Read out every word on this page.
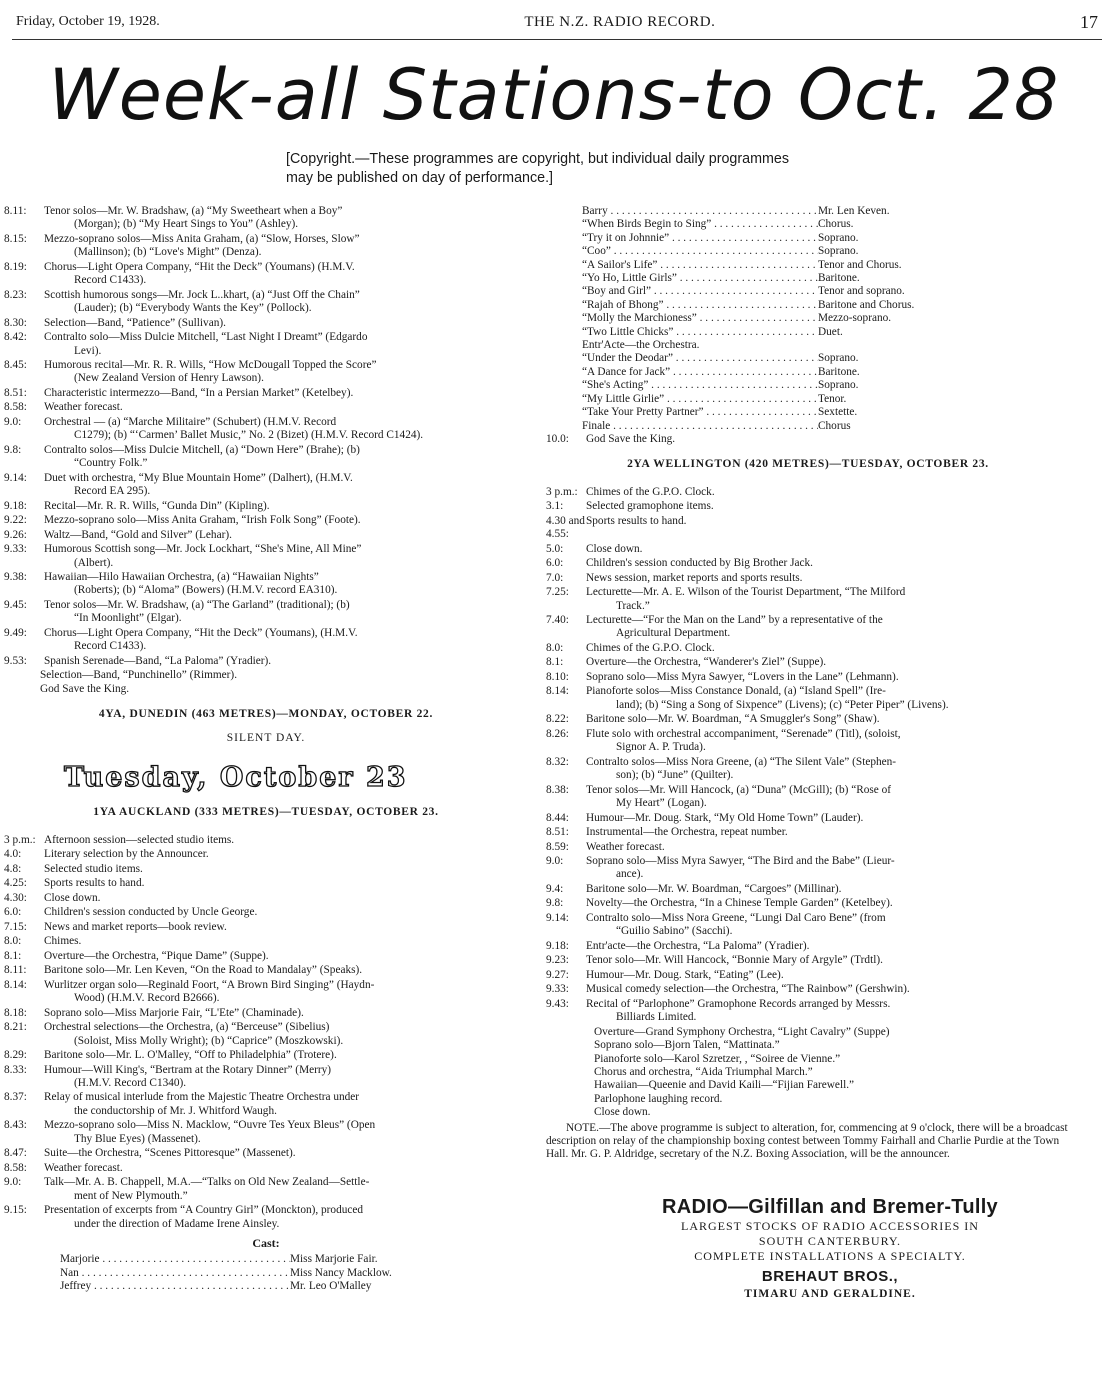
Friday, October 19, 1928.	THE N.Z. RADIO RECORD.	17
Week-all Stations-to Oct. 28
[Copyright.—These programmes are copyright, but individual daily programmes may be published on day of performance.]
8.11:	Tenor solos—Mr. W. Bradshaw, (a) “My Sweetheart when a Boy”
(Morgan); (b) “My Heart Sings to You” (Ashley).
8.15:	Mezzo-soprano solos—Miss Anita Graham, (a) “Slow, Horses, Slow”
(Mallinson); (b) “Love's Might” (Denza).
8.19:	Chorus—Light Opera Company, “Hit the Deck” (Youmans) (H.M.V.
Record C1433).
8.23:	Scottish humorous songs—Mr. Jock L..khart, (a) “Just Off the Chain”
(Lauder); (b) “Everybody Wants the Key” (Pollock).
8.30:	Selection—Band, “Patience” (Sullivan).
8.42:	Contralto solo—Miss Dulcie Mitchell, “Last Night I Dreamt” (Edgardo
Levi).
8.45:	Humorous recital—Mr. R. R. Wills, “How McDougall Topped the Score”
(New Zealand Version of Henry Lawson).
8.51:	Characteristic intermezzo—Band, “In a Persian Market” (Ketelbey).
8.58:	Weather forecast.
9.0:	Orchestral — (a) “Marche Militaire” (Schubert) (H.M.V. Record
C1279); (b) “‘Carmen’ Ballet Music,” No. 2 (Bizet) (H.M.V. Record C1424).
9.8:	Contralto solos—Miss Dulcie Mitchell, (a) “Down Here” (Brahe); (b)
“Country Folk.”
9.14:	Duet with orchestra, “My Blue Mountain Home” (Dalhert), (H.M.V.
Record EA 295).
9.18:	Recital—Mr. R. R. Wills, “Gunda Din” (Kipling).
9.22:	Mezzo-soprano solo—Miss Anita Graham, “Irish Folk Song” (Foote).
9.26:	Waltz—Band, “Gold and Silver” (Lehar).
9.33:	Humorous Scottish song—Mr. Jock Lockhart, “She's Mine, All Mine”
(Albert).
9.38:	Hawaiian—Hilo Hawaiian Orchestra, (a) “Hawaiian Nights”
(Roberts); (b) “Aloma” (Bowers) (H.M.V. record EA310).
9.45:	Tenor solos—Mr. W. Bradshaw, (a) “The Garland” (traditional); (b)
“In Moonlight” (Elgar).
9.49:	Chorus—Light Opera Company, “Hit the Deck” (Youmans), (H.M.V.
Record C1433).
9.53:	Spanish Serenade—Band, “La Paloma” (Yradier).
Selection—Band, “Punchinello” (Rimmer).
God Save the King.
4YA, DUNEDIN (463 METRES)—MONDAY, OCTOBER 22.
SILENT DAY.
Tuesday, October 23
1YA AUCKLAND (333 METRES)—TUESDAY, OCTOBER 23.
3 p.m.: Afternoon session—selected studio items.
4.0:	Literary selection by the Announcer.
4.8:	Selected studio items.
4.25:	Sports results to hand.
4.30:	Close down.
6.0:	Children's session conducted by Uncle George.
7.15:	News and market reports—book review.
8.0:	Chimes.
8.1:	Overture—the Orchestra, “Pique Dame” (Suppe).
8.11:	Baritone solo—Mr. Len Keven, “On the Road to Mandalay” (Speaks).
8.14:	Wurlitzer organ solo—Reginald Foort, “A Brown Bird Singing” (Haydn-
Wood) (H.M.V. Record B2666).
8.18:	Soprano solo—Miss Marjorie Fair, “L'Ete” (Chaminade).
8.21:	Orchestral selections—the Orchestra, (a) “Berceuse” (Sibelius)
(Soloist, Miss Molly Wright); (b) “Caprice” (Moszkowski).
8.29:	Baritone solo—Mr. L. O'Malley, “Off to Philadelphia” (Trotere).
8.33:	Humour—Will King's, “Bertram at the Rotary Dinner” (Merry)
(H.M.V. Record C1340).
8.37:	Relay of musical interlude from the Majestic Theatre Orchestra under
the conductorship of Mr. J. Whitford Waugh.
8.43:	Mezzo-soprano solo—Miss N. Macklow, “Ouvre Tes Yeux Bleus” (Open
Thy Blue Eyes) (Massenet).
8.47:	Suite—the Orchestra, “Scenes Pittoresque” (Massenet).
8.58:	Weather forecast.
9.0:	Talk—Mr. A. B. Chappell, M.A.—“Talks on Old New Zealand—Settle-
ment of New Plymouth.”
9.15:	Presentation of excerpts from “A Country Girl” (Monckton), produced
under the direction of Madame Irene Ainsley.
Cast:
Marjorie . . .	Miss Marjorie Fair.
Nan . . .	Miss Nancy Macklow.
Jeffrey . . .	Mr. Leo O'Malley
Barry . . .	Mr. Len Keven.
“When Birds Begin to Sing” . . .	Chorus.
“Try it on Johnnie” . . .	Soprano.
“Coo” . . .	Soprano.
“A Sailor's Life” . . .	Tenor and Chorus.
“Yo Ho, Little Girls” . . .	Baritone.
“Boy and Girl” . . .	Tenor and soprano.
“Rajah of Bhong” . . .	Baritone and Chorus.
“Molly the Marchioness” . . .	Mezzo-soprano.
“Two Little Chicks” . . .	Duet.
Entr'Acte—the Orchestra.
“Under the Deodar” . . .	Soprano.
“A Dance for Jack” . . .	Baritone.
“She's Acting” . . .	Soprano.
“My Little Girlie” . . .	Tenor.
“Take Your Pretty Partner” . . .	Sextette.
Finale . . .	Chorus
10.0:	God Save the King.
2YA WELLINGTON (420 METRES)—TUESDAY, OCTOBER 23.
3 p.m.: Chimes of the G.P.O. Clock.
3.1:	Selected gramophone items.
4.30 and 4.55:
Sports results to hand.
5.0:	Close down.
6.0:	Children's session conducted by Big Brother Jack.
7.0:	News session, market reports and sports results.
7.25:	Lecturette—Mr. A. E. Wilson of the Tourist Department, “The Milford
Track.”
7.40:	Lecturette—“For the Man on the Land” by a representative of the
Agricultural Department.
8.0:	Chimes of the G.P.O. Clock.
8.1:	Overture—the Orchestra, “Wanderer's Ziel” (Suppe).
8.10:	Soprano solo—Miss Myra Sawyer, “Lovers in the Lane” (Lehmann).
8.14:	Pianoforte solos—Miss Constance Donald, (a) “Island Spell” (Ire-
land); (b) “Sing a Song of Sixpence” (Livens); (c) “Peter Piper” (Livens).
8.22:	Baritone solo—Mr. W. Boardman, “A Smuggler's Song” (Shaw).
8.26:	Flute solo with orchestral accompaniment, “Serenade” (Titl), (soloist,
Signor A. P. Truda).
8.32:	Contralto solos—Miss Nora Greene, (a) “The Silent Vale” (Stephen-
son); (b) “June” (Quilter).
8.38:	Tenor solos—Mr. Will Hancock, (a) “Duna” (McGill); (b) “Rose of
My Heart” (Logan).
8.44:	Humour—Mr. Doug. Stark, “My Old Home Town” (Lauder).
8.51:	Instrumental—the Orchestra, repeat number.
8.59:	Weather forecast.
9.0:	Soprano solo—Miss Myra Sawyer, “The Bird and the Babe” (Lieur-
ance).
9.4:	Baritone solo—Mr. W. Boardman, “Cargoes” (Millinar).
9.8:	Novelty—the Orchestra, “In a Chinese Temple Garden” (Ketelbey).
9.14:	Contralto solo—Miss Nora Greene, “Lungi Dal Caro Bene” (from
“Guilio Sabino” (Sacchi).
9.18:	Entr'acte—the Orchestra, “La Paloma” (Yradier).
9.23:	Tenor solo—Mr. Will Hancock, “Bonnie Mary of Argyle” (Trdtl).
9.27:	Humour—Mr. Doug. Stark, “Eating” (Lee).
9.33:	Musical comedy selection—the Orchestra, “The Rainbow” (Gershwin).
9.43:	Recital of “Parlophone” Gramophone Records arranged by Messrs.
Billiards Limited.
Overture—Grand Symphony Orchestra, “Light Cavalry” (Suppe)
Soprano solo—Bjorn Talen, “Mattinata.”
Pianoforte solo—Karol Szretzer, , “Soiree de Vienne.”
Chorus and orchestra, “Aida Triumphal March.”
Hawaiian—Queenie and David Kaili—“Fijian Farewell.”
Parlophone laughing record.
Close down.
NOTE.—The above programme is subject to alteration, for, commencing at 9 o'clock, there will be a broadcast description on relay of the championship boxing contest between Tommy Fairhall and Charlie Purdie at the Town Hall. Mr. G. P. Aldridge, secretary of the N.Z. Boxing Association, will be the announcer.
RADIO—Gilfillan and Bremer-Tully
LARGEST STOCKS OF RADIO ACCESSORIES IN
SOUTH CANTERBURY.
COMPLETE INSTALLATIONS A SPECIALTY.
BREHAUT BROS.,
TIMARU AND GERALDINE.
